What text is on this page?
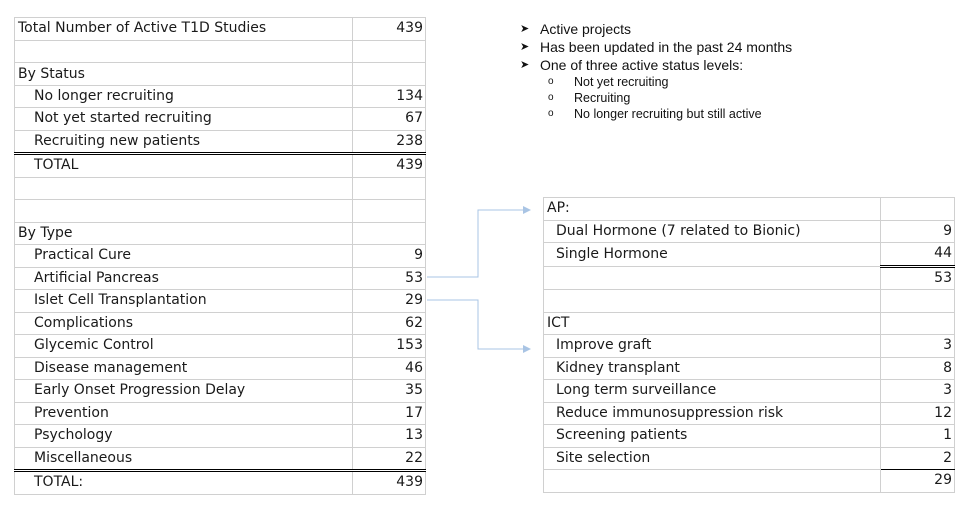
Total Number of Active T1D Studies	439

By Status	
No longer recruiting	134
Not yet started recruiting	67
Recruiting new patients	238
TOTAL	439

By Type	
Practical Cure	9
Artificial Pancreas	53
Islet Cell Transplantation	29
Complications	62
Glycemic Control	153
Disease management	46
Early Onset Progression Delay	35
Prevention	17
Psychology	13
Miscellaneous	22
TOTAL:	439
➤ Active projects
➤ Has been updated in the past 24 months
➤ One of three active status levels:
o	Not yet recruiting
o	Recruiting
o	No longer recruiting but still active
AP:	
Dual Hormone (7 related to Bionic)	9
Single Hormone	44
	53

ICT	
Improve graft	3
Kidney transplant	8
Long term surveillance	3
Reduce immunosuppression risk	12
Screening patients	1
Site selection	2
	29
